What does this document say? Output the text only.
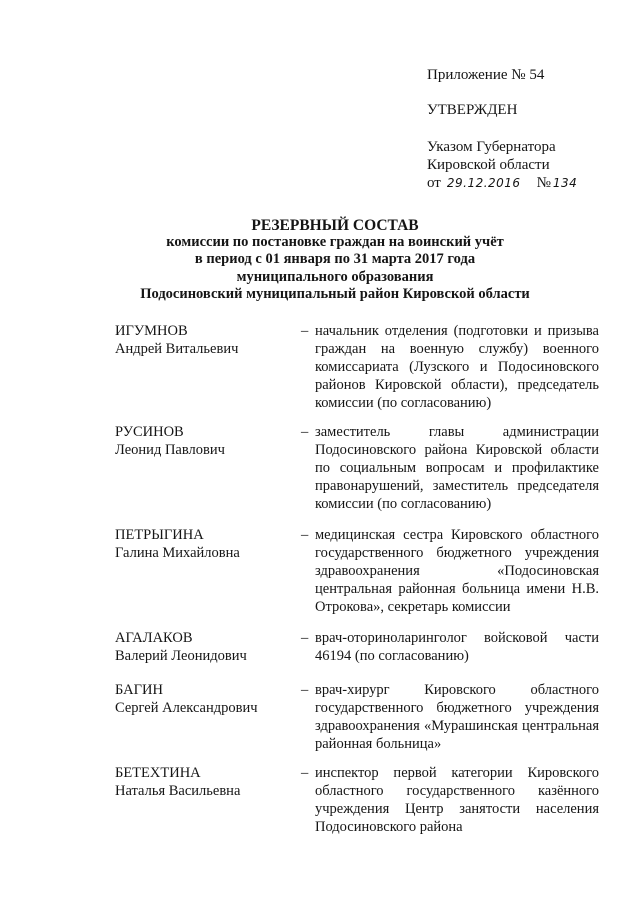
Приложение № 54
УТВЕРЖДЕН
Указом Губернатора
Кировской области
от 29.12.2016 № 134
РЕЗЕРВНЫЙ СОСТАВ
комиссии по постановке граждан на воинский учёт
в период с 01 января по 31 марта 2017 года
муниципального образования
Подосиновский муниципальный район Кировской области
ИГУМНОВ
Андрей Витальевич
– начальник отделения (подготовки и призыва граждан на военную службу) военного комиссариата (Лузского и Подосиновского районов Кировской области), председатель комиссии (по согласованию)
РУСИНОВ
Леонид Павлович
– заместитель главы администрации Подосиновского района Кировской области по социальным вопросам и профилактике правонарушений, заместитель председателя комиссии (по согласованию)
ПЕТРЫГИНА
Галина Михайловна
– медицинская сестра Кировского областного государственного бюджетного учреждения здравоохранения «Подосиновская центральная районная больница имени Н.В. Отрокова», секретарь комиссии
АГАЛАКОВ
Валерий Леонидович
– врач-оториноларинголог войсковой части 46194 (по согласованию)
БАГИН
Сергей Александрович
– врач-хирург Кировского областного государственного бюджетного учреждения здравоохранения «Мурашинская центральная районная больница»
БЕТЕХТИНА
Наталья Васильевна
– инспектор первой категории Кировского областного государственного казённого учреждения Центр занятости населения Подосиновского района
